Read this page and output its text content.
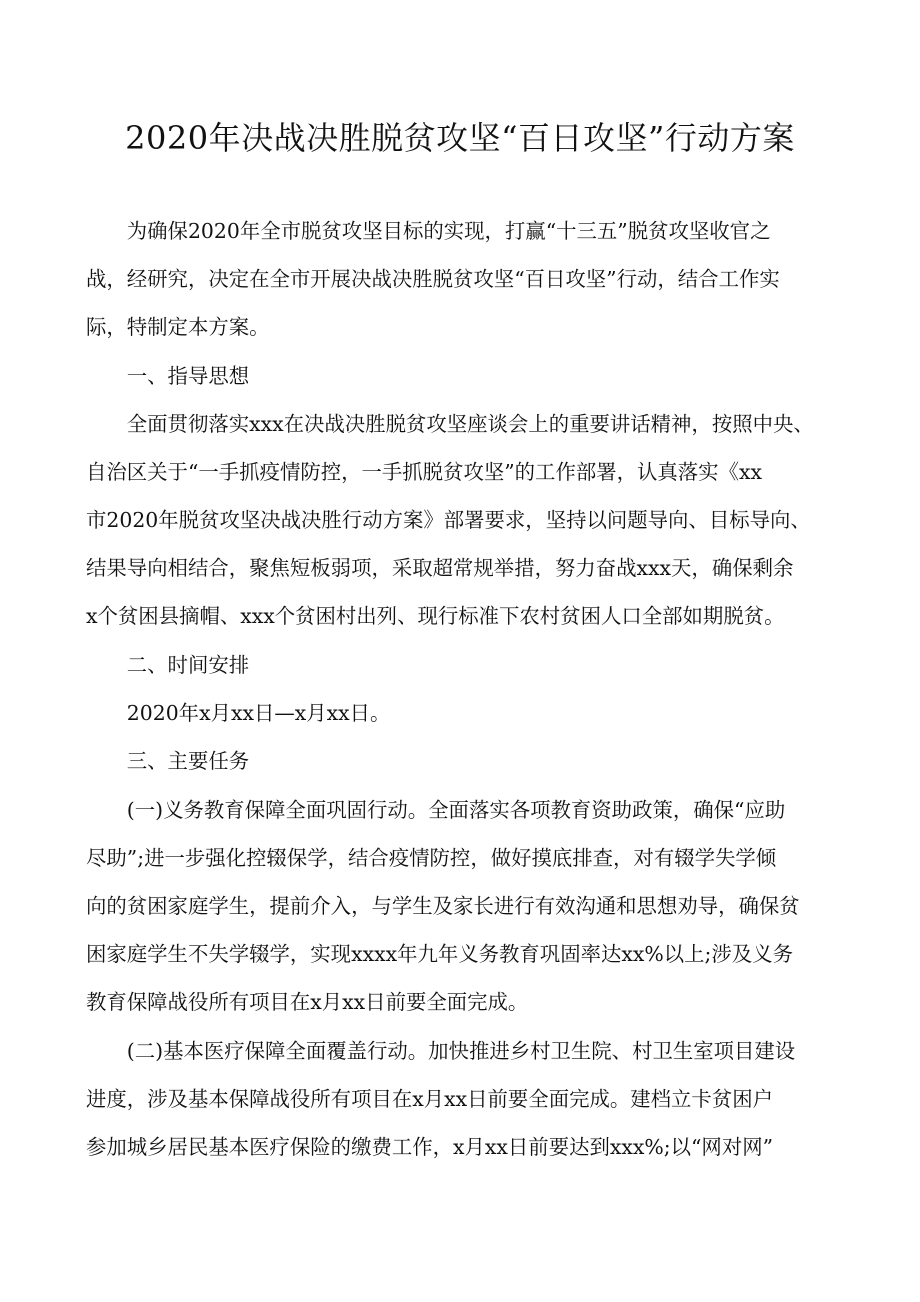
2020年决战决胜脱贫攻坚“百日攻坚”行动方案
　　为确保2020年全市脱贫攻坚目标的实现，打赢“十三五”脱贫攻坚收官之
战，经研究，决定在全市开展决战决胜脱贫攻坚“百日攻坚”行动，结合工作实
际，特制定本方案。
　　一、指导思想
　　全面贯彻落实xxx在决战决胜脱贫攻坚座谈会上的重要讲话精神，按照中央、
自治区关于“一手抓疫情防控，一手抓脱贫攻坚”的工作部署，认真落实《xx
市2020年脱贫攻坚决战决胜行动方案》部署要求，坚持以问题导向、目标导向、
结果导向相结合，聚焦短板弱项，采取超常规举措，努力奋战xxx天，确保剩余
x个贫困县摘帽、xxx个贫困村出列、现行标准下农村贫困人口全部如期脱贫。
　　二、时间安排
　　2020年x月xx日—x月xx日。
　　三、主要任务
　　(一)义务教育保障全面巩固行动。全面落实各项教育资助政策，确保“应助
尽助”;进一步强化控辍保学，结合疫情防控，做好摸底排查，对有辍学失学倾
向的贫困家庭学生，提前介入，与学生及家长进行有效沟通和思想劝导，确保贫
困家庭学生不失学辍学，实现xxxx年九年义务教育巩固率达xx%以上;涉及义务
教育保障战役所有项目在x月xx日前要全面完成。
　　(二)基本医疗保障全面覆盖行动。加快推进乡村卫生院、村卫生室项目建设
进度，涉及基本保障战役所有项目在x月xx日前要全面完成。建档立卡贫困户
参加城乡居民基本医疗保险的缴费工作，x月xx日前要达到xxx%;以“网对网”
